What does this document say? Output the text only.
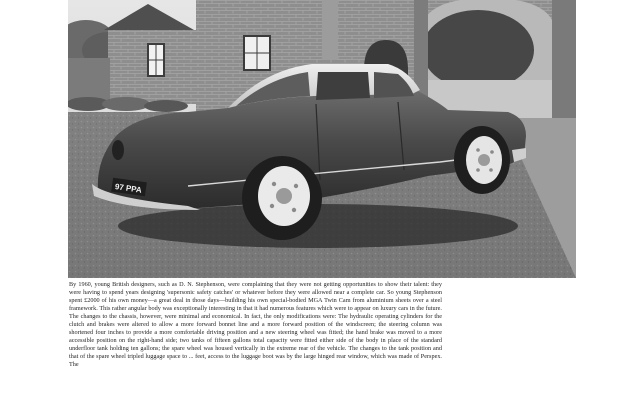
97 PPA

By 1960, young British designers, such as D. N. Stephenson, were complaining that they were not getting opportunities to show their talent: they were having to spend years designing 'supersonic safety catches' or whatever before they were allowed near a complete car. So young Stephenson spent £2000 of his own money—a great deal in those days—building his own special-bodied MGA Twin Cam from aluminium sheets over a steel framework. This rather angular body was exceptionally interesting in that it had numerous features which were to appear on luxury cars in the future. The changes to the chassis, however, were minimal and economical. In fact, the only modifications were: The hydraulic operating cylinders for the clutch and brakes were altered to allow a more forward bonnet line and a more forward position of the windscreen; the steering column was shortened four inches to provide a more comfortable driving position and a new steering wheel was fitted; the hand brake was moved to a more accessible position on the right-hand side; two tanks of fifteen gallons total capacity were fitted either side of the body in place of the standard underfloor tank holding ten gallons; the spare wheel was housed vertically in the extreme rear of the vehicle. The changes to the tank position and that of the spare wheel tripled luggage space to ... feet, access to the luggage boot was by the large hinged rear window, which was made of Perspex. The
